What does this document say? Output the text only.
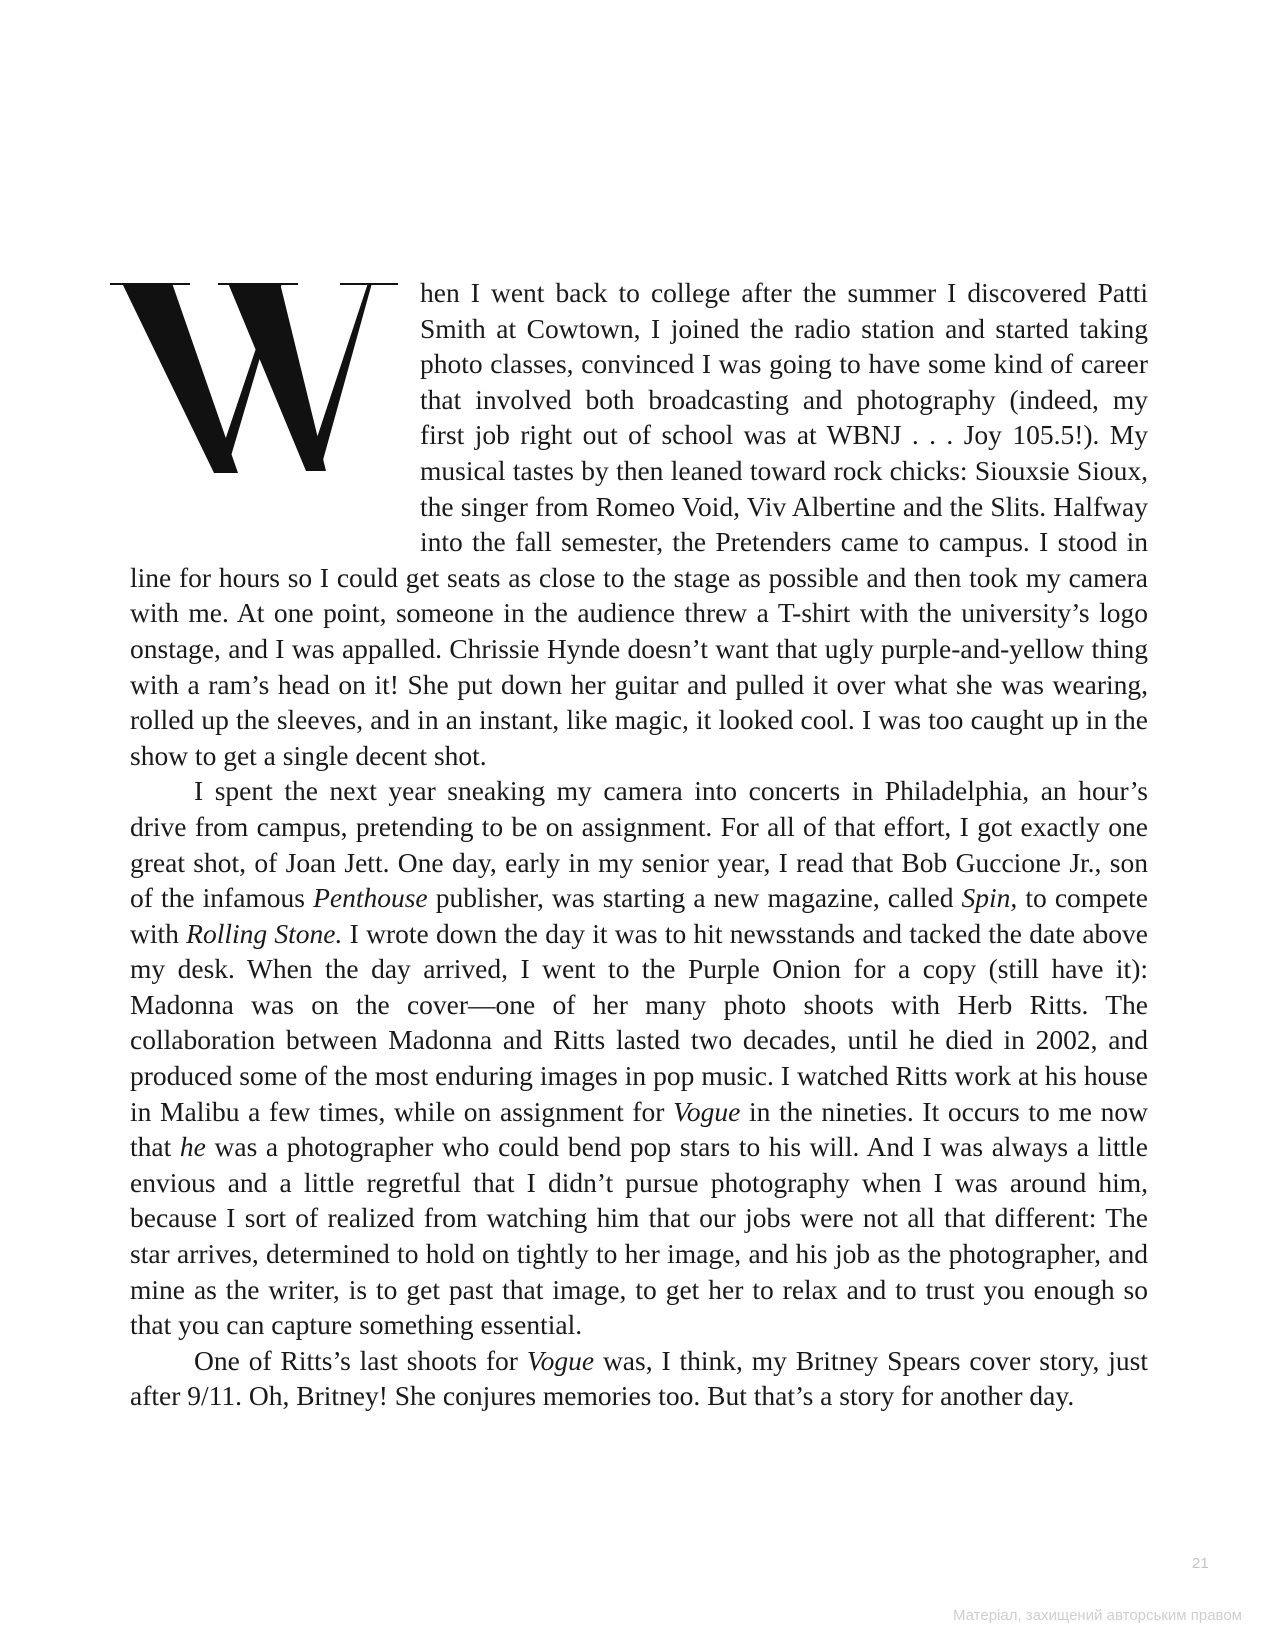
hen I went back to college after the summer I discovered Patti Smith at Cowtown, I joined the radio station and started taking photo classes, convinced I was going to have some kind of career that involved both broadcasting and photography (indeed, my first job right out of school was at WBNJ . . . Joy 105.5!). My musical tastes by then leaned toward rock chicks: Siouxsie Sioux, the singer from Romeo Void, Viv Albertine and the Slits. Halfway into the fall semester, the Pretenders came to campus. I stood in line for hours so I could get seats as close to the stage as possible and then took my camera with me. At one point, someone in the audience threw a T-shirt with the university’s logo onstage, and I was appalled. Chrissie Hynde doesn’t want that ugly purple-and-yellow thing with a ram’s head on it! She put down her guitar and pulled it over what she was wearing, rolled up the sleeves, and in an instant, like magic, it looked cool. I was too caught up in the show to get a single decent shot.

I spent the next year sneaking my camera into concerts in Philadelphia, an hour’s drive from campus, pretending to be on assignment. For all of that effort, I got exactly one great shot, of Joan Jett. One day, early in my senior year, I read that Bob Guccione Jr., son of the infamous Penthouse publisher, was starting a new magazine, called Spin, to compete with Rolling Stone. I wrote down the day it was to hit newsstands and tacked the date above my desk. When the day arrived, I went to the Purple Onion for a copy (still have it): Madonna was on the cover—one of her many photo shoots with Herb Ritts. The collaboration between Madonna and Ritts lasted two decades, until he died in 2002, and produced some of the most enduring images in pop music. I watched Ritts work at his house in Malibu a few times, while on assignment for Vogue in the nineties. It occurs to me now that he was a photographer who could bend pop stars to his will. And I was always a little envious and a little regretful that I didn’t pursue photography when I was around him, because I sort of realized from watching him that our jobs were not all that different: The star arrives, determined to hold on tightly to her image, and his job as the photographer, and mine as the writer, is to get past that image, to get her to relax and to trust you enough so that you can capture something essential.

One of Ritts’s last shoots for Vogue was, I think, my Britney Spears cover story, just after 9/11. Oh, Britney! She conjures memories too. But that’s a story for another day.

21
Матеріал, захищений авторським правом
